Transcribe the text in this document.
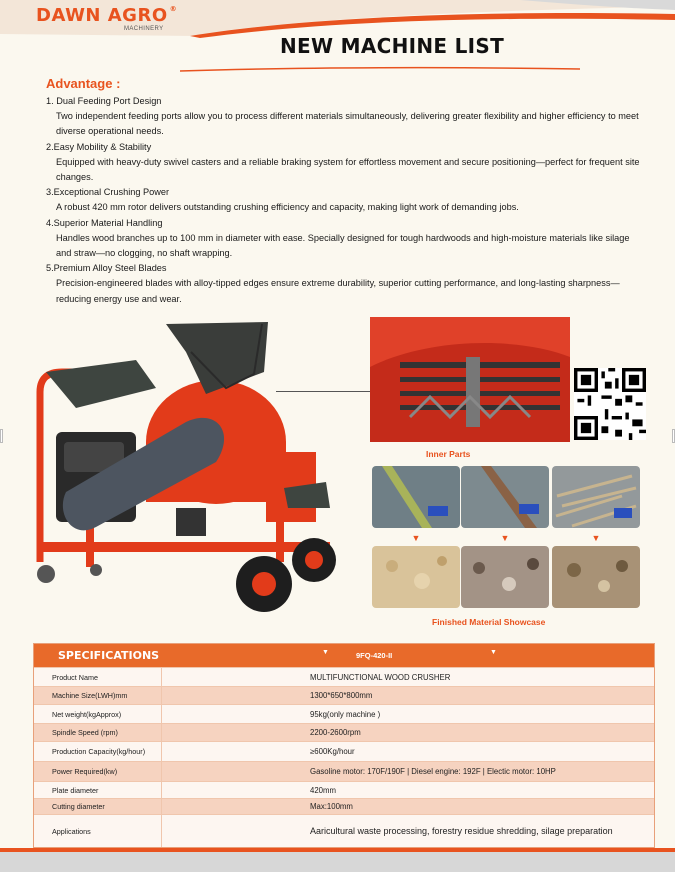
DAWN AGRO ®
MACHINERY
NEW MACHINE LIST
Advantage :
1. Dual Feeding Port Design
Two independent feeding ports allow you to process different materials simultaneously, delivering greater flexibility and higher efficiency to meet diverse operational needs.
2.Easy Mobility & Stability
Equipped with heavy-duty swivel casters and a reliable braking system for effortless movement and secure positioning—perfect for frequent site changes.
3.Exceptional Crushing Power
A robust 420 mm rotor delivers outstanding crushing efficiency and capacity, making light work of demanding jobs.
4.Superior Material Handling
Handles wood branches up to 100 mm in diameter with ease. Specially designed for tough hardwoods and high-moisture materials like silage and straw—no clogging, no shaft wrapping.
5.Premium Alloy Steel Blades
Precision-engineered blades with alloy-tipped edges ensure extreme durability, superior cutting performance, and long-lasting sharpness—reducing energy use and wear.
Inner Parts
▼	▼	▼
Finished Material Showcase
SPECIFICATIONS	▼	9FQ-420-II	▼
Product Name	MULTIFUNCTIONAL WOOD CRUSHER
Machine Size(LWH)mm	1300*650*800mm
Net weight(kgApprox)	95kg(only machine )
Spindle Speed (rpm)	2200-2600rpm
Production Capacity(kg/hour)	≥600Kg/hour
Power Required(kw)	Gasoline motor: 170F/190F | Diesel engine: 192F | Electic motor: 10HP
Plate diameter	420mm
Cutting diameter	Max:100mm
Applications	Aaricultural waste processing, forestry residue shredding, silage preparation
